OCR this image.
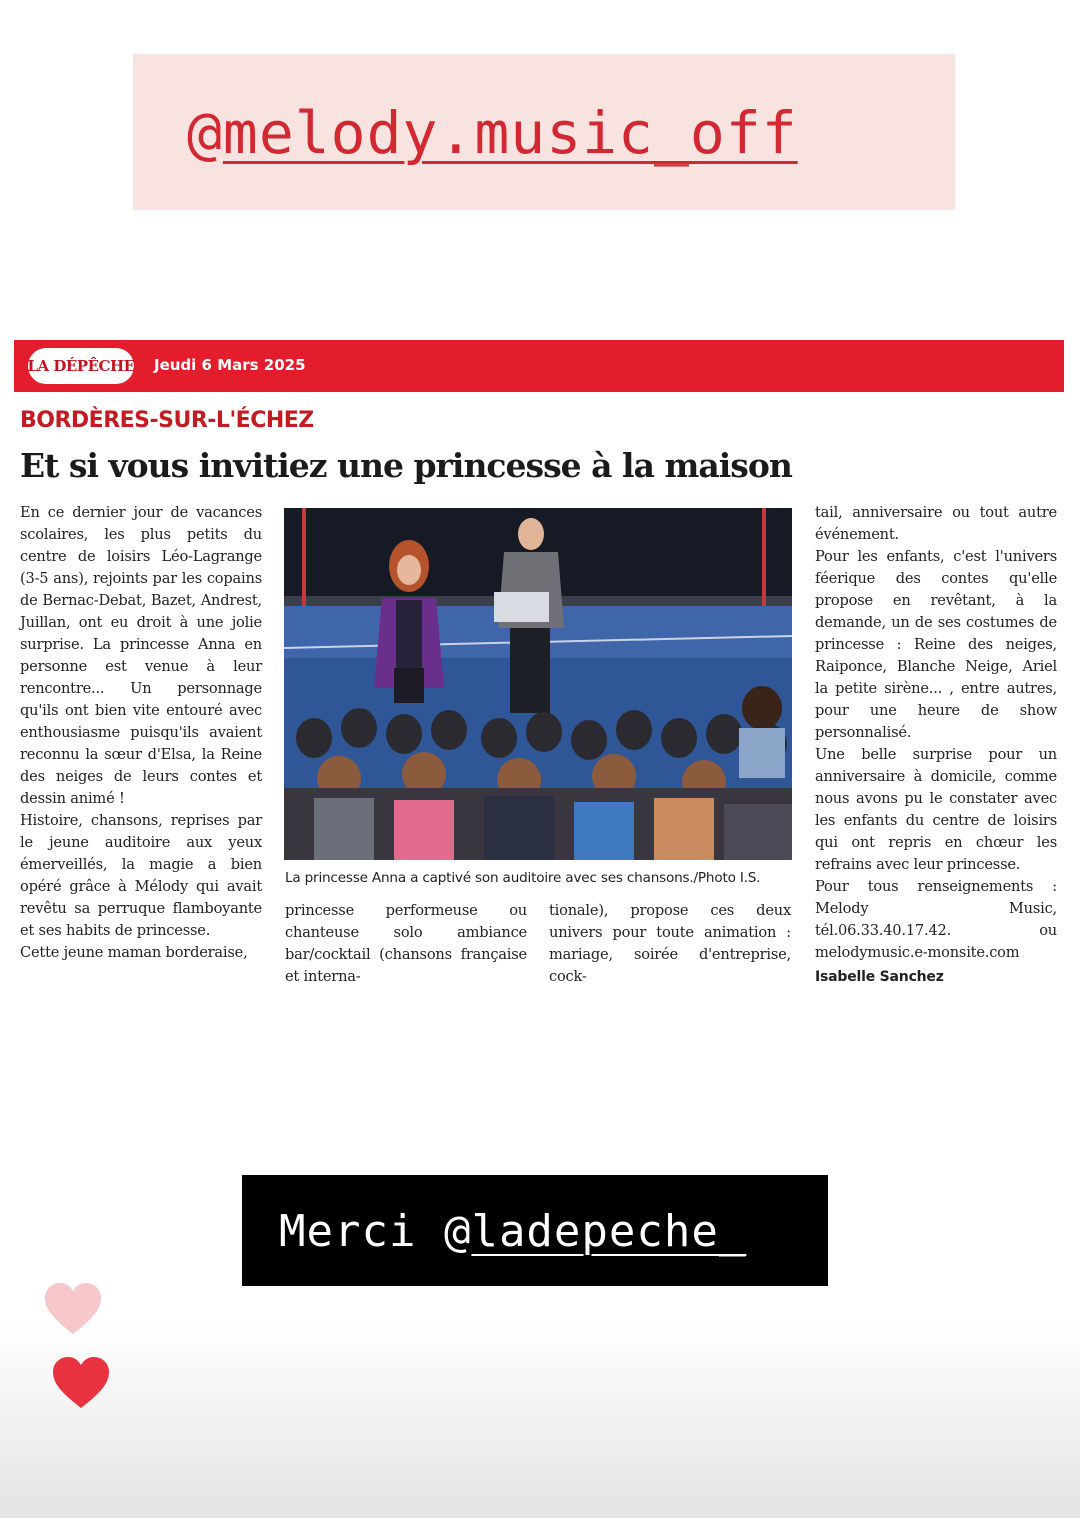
@melody.music_off
LA DÉPÊCHE Jeudi 6 Mars 2025
BORDÈRES-SUR-L'ÉCHEZ
Et si vous invitiez une princesse à la maison

En ce dernier jour de vacances scolaires, les plus petits du centre de loisirs Léo-Lagrange (3-5 ans), rejoints par les copains de Bernac-Debat, Bazet, Andrest, Juillan, ont eu droit à une jolie surprise. La princesse Anna en personne est venue à leur rencontre... Un personnage qu'ils ont bien vite entouré avec enthousiasme puisqu'ils avaient reconnu la sœur d'Elsa, la Reine des neiges de leurs contes et dessin animé !

Histoire, chansons, reprises par le jeune auditoire aux yeux émerveillés, la magie a bien opéré grâce à Mélody qui avait revêtu sa perruque flamboyante et ses habits de princesse.

Cette jeune maman borderaise,

La princesse Anna a captivé son auditoire avec ses chansons./Photo I.S.

princesse performeuse ou chanteuse solo ambiance bar/cocktail (chansons française et interna-

tionale), propose ces deux univers pour toute animation : mariage, soirée d'entreprise, cock-

tail, anniversaire ou tout autre événement.

Pour les enfants, c'est l'univers féerique des contes qu'elle propose en revêtant, à la demande, un de ses costumes de princesse : Reine des neiges, Raiponce, Blanche Neige, Ariel la petite sirène... , entre autres, pour une heure de show personnalisé.

Une belle surprise pour un anniversaire à domicile, comme nous avons pu le constater avec les enfants du centre de loisirs qui ont repris en chœur les refrains avec leur princesse.

Pour tous renseignements : Melody Music, tél.06.33.40.17.42. ou melodymusic.e-monsite.com

Isabelle Sanchez
Merci @ladepeche_
